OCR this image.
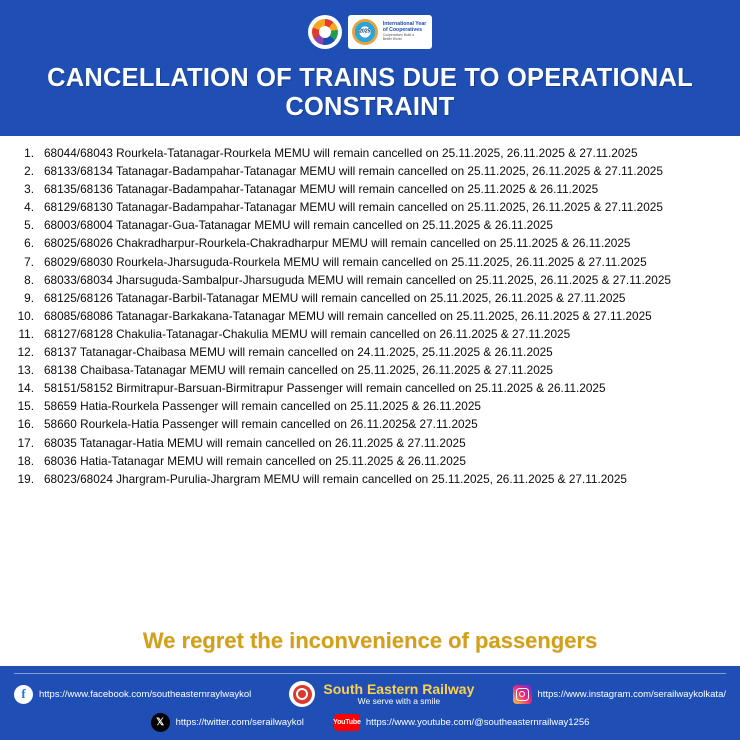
2025
International Year
of Cooperatives
Cooperatives Build a
Better World
CANCELLATION OF TRAINS DUE TO OPERATIONAL CONSTRAINT
1. 68044/68043 Rourkela-Tatanagar-Rourkela MEMU will remain cancelled on 25.11.2025, 26.11.2025 & 27.11.2025
2. 68133/68134 Tatanagar-Badampahar-Tatanagar MEMU will remain cancelled on 25.11.2025, 26.11.2025 & 27.11.2025
3. 68135/68136 Tatanagar-Badampahar-Tatanagar MEMU will remain cancelled on 25.11.2025 & 26.11.2025
4. 68129/68130 Tatanagar-Badampahar-Tatanagar MEMU will remain cancelled on 25.11.2025, 26.11.2025 & 27.11.2025
5. 68003/68004 Tatanagar-Gua-Tatanagar MEMU will remain cancelled on 25.11.2025 & 26.11.2025
6. 68025/68026 Chakradharpur-Rourkela-Chakradharpur MEMU will remain cancelled on 25.11.2025 & 26.11.2025
7. 68029/68030 Rourkela-Jharsuguda-Rourkela MEMU will remain cancelled on 25.11.2025, 26.11.2025 & 27.11.2025
8. 68033/68034 Jharsuguda-Sambalpur-Jharsuguda MEMU will remain cancelled on 25.11.2025, 26.11.2025 & 27.11.2025
9. 68125/68126 Tatanagar-Barbil-Tatanagar MEMU will remain cancelled on 25.11.2025, 26.11.2025 & 27.11.2025
10. 68085/68086 Tatanagar-Barkakana-Tatanagar MEMU will remain cancelled on 25.11.2025, 26.11.2025 & 27.11.2025
11. 68127/68128 Chakulia-Tatanagar-Chakulia MEMU will remain cancelled on 26.11.2025 & 27.11.2025
12. 68137 Tatanagar-Chaibasa MEMU will remain cancelled on 24.11.2025, 25.11.2025 & 26.11.2025
13. 68138 Chaibasa-Tatanagar MEMU will remain cancelled on 25.11.2025, 26.11.2025 & 27.11.2025
14. 58151/58152 Birmitrapur-Barsuan-Birmitrapur Passenger will remain cancelled on 25.11.2025 & 26.11.2025
15. 58659 Hatia-Rourkela Passenger will remain cancelled on 25.11.2025 & 26.11.2025
16. 58660 Rourkela-Hatia Passenger will remain cancelled on 26.11.2025& 27.11.2025
17. 68035 Tatanagar-Hatia MEMU will remain cancelled on 26.11.2025 & 27.11.2025
18. 68036 Hatia-Tatanagar MEMU will remain cancelled on 25.11.2025 & 26.11.2025
19. 68023/68024 Jhargram-Purulia-Jhargram MEMU will remain cancelled on 25.11.2025, 26.11.2025 & 27.11.2025
We regret the inconvenience of passengers
f	https://www.facebook.com/southeasternraylwaykol	South Eastern Railway
We serve with a smile
https://www.instagram.com/serailwaykolkata/
𝕏	https://twitter.com/serailwaykol	YouTube https://www.youtube.com/@southeasternrailway1256
